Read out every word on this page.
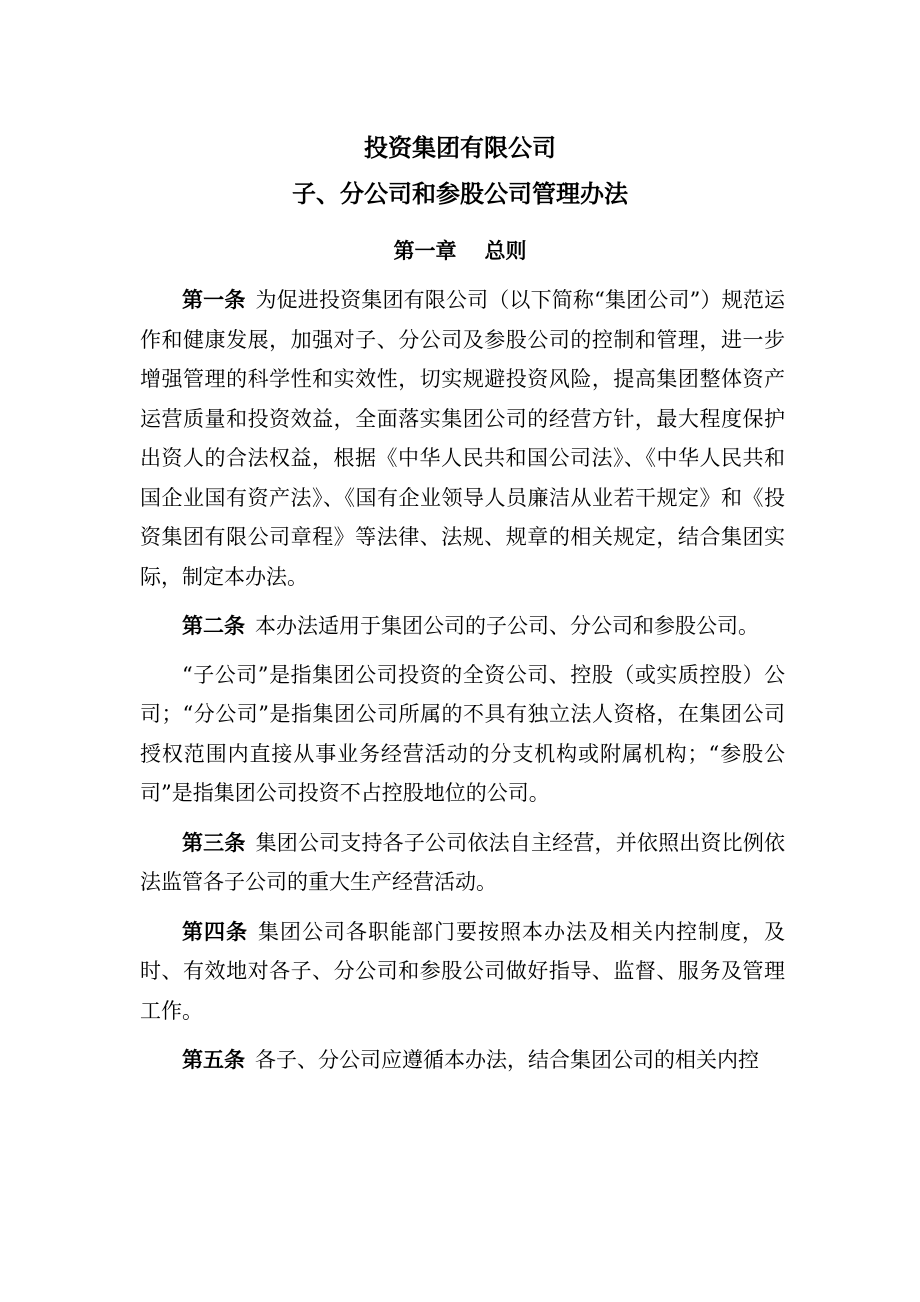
投资集团有限公司
子、分公司和参股公司管理办法
第一章 总则

第一条 为促进投资集团有限公司（以下简称“集团公司”）规范运作和健康发展，加强对子、分公司及参股公司的控制和管理，进一步增强管理的科学性和实效性，切实规避投资风险，提高集团整体资产运营质量和投资效益，全面落实集团公司的经营方针，最大程度保护出资人的合法权益，根据《中华人民共和国公司法》、《中华人民共和国企业国有资产法》、《国有企业领导人员廉洁从业若干规定》和《投资集团有限公司章程》等法律、法规、规章的相关规定，结合集团实际，制定本办法。

第二条 本办法适用于集团公司的子公司、分公司和参股公司。

“子公司”是指集团公司投资的全资公司、控股（或实质控股）公司；“分公司”是指集团公司所属的不具有独立法人资格，在集团公司授权范围内直接从事业务经营活动的分支机构或附属机构；“参股公司”是指集团公司投资不占控股地位的公司。

第三条 集团公司支持各子公司依法自主经营，并依照出资比例依法监管各子公司的重大生产经营活动。

第四条 集团公司各职能部门要按照本办法及相关内控制度，及时、有效地对各子、分公司和参股公司做好指导、监督、服务及管理工作。

第五条 各子、分公司应遵循本办法，结合集团公司的相关内控
